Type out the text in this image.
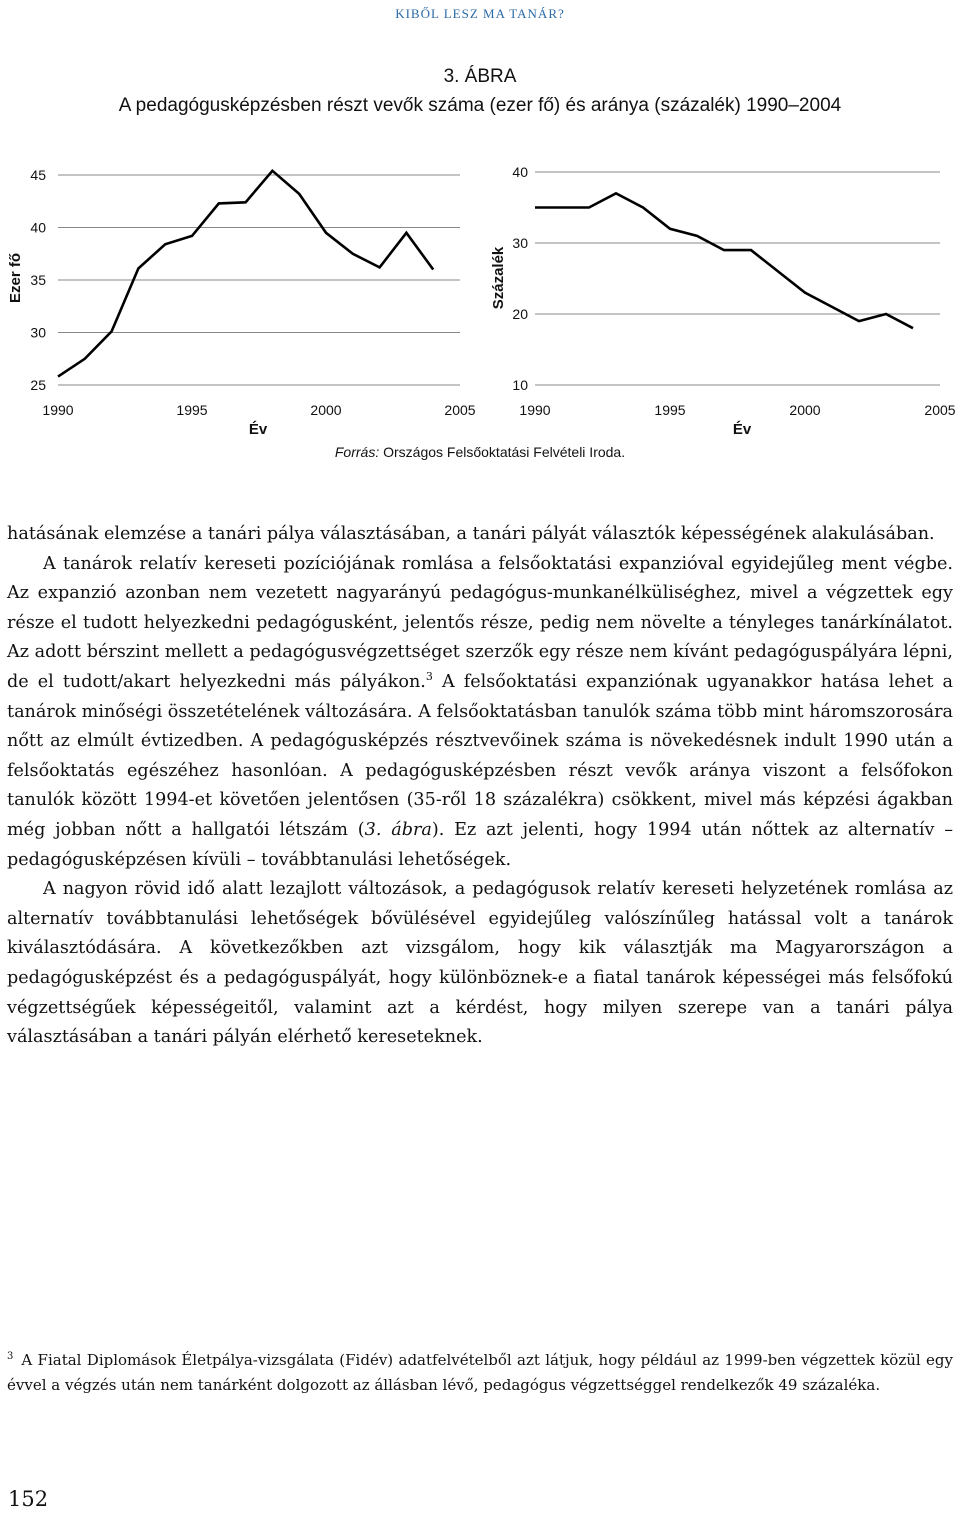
KIBŐL LESZ MA TANÁR?
3. ÁBRA
A pedagógusképzésben részt vevők száma (ezer fő) és aránya (százalék) 1990–2004
25
30
35
40
45
1990	1995	2000	2005
Év
Ezer fő
10
20
30
40
1990	1995	2000	2005
Év
Százalék
Forrás: Országos Felsőoktatási Felvételi Iroda.

hatásának elemzése a tanári pálya választásában, a tanári pályát választók képességének alakulásában.

A tanárok relatív kereseti pozíciójának romlása a felsőoktatási expanzióval egyidejűleg ment végbe. Az expanzió azonban nem vezetett nagyarányú pedagógus-munkanélküliséghez, mivel a végzettek egy része el tudott helyezkedni pedagógusként, jelentős része, pedig nem növelte a tényleges tanárkínálatot. Az adott bérszint mellett a pedagógusvégzettséget szerzők egy része nem kívánt pedagóguspályára lépni, de el tudott/akart helyezkedni más pályákon.$^3$ A felsőoktatási expanziónak ugyanakkor hatása lehet a tanárok minőségi összetételének változására. A felsőoktatásban tanulók száma több mint háromszorosára nőtt az elmúlt évtizedben. A pedagógusképzés résztvevőinek száma is növekedésnek indult 1990 után a felsőoktatás egészéhez hasonlóan. A pedagógusképzésben részt vevők aránya viszont a felsőfokon tanulók között 1994-et követően jelentősen (35-ről 18 százalékra) csökkent, mivel más képzési ágakban még jobban nőtt a hallgatói létszám (3. ábra). Ez azt jelenti, hogy 1994 után nőttek az alternatív – pedagógusképzésen kívüli – továbbtanulási lehetőségek.

A nagyon rövid idő alatt lezajlott változások, a pedagógusok relatív kereseti helyzetének romlása az alternatív továbbtanulási lehetőségek bővülésével egyidejűleg valószínűleg hatással volt a tanárok kiválasztódására. A következőkben azt vizsgálom, hogy kik választják ma Magyarországon a pedagógusképzést és a pedagóguspályát, hogy különböznek-e a fiatal tanárok képességei más felsőfokú végzettségűek képességeitől, valamint azt a kérdést, hogy milyen szerepe van a tanári pálya választásában a tanári pályán elérhető kereseteknek.

$^3$ A Fiatal Diplomások Életpálya-vizsgálata (Fidév) adatfelvételből azt látjuk, hogy például az 1999-ben végzettek közül egy évvel a végzés után nem tanárként dolgozott az állásban lévő, pedagógus végzettséggel rendelkezők 49 százaléka.

152
